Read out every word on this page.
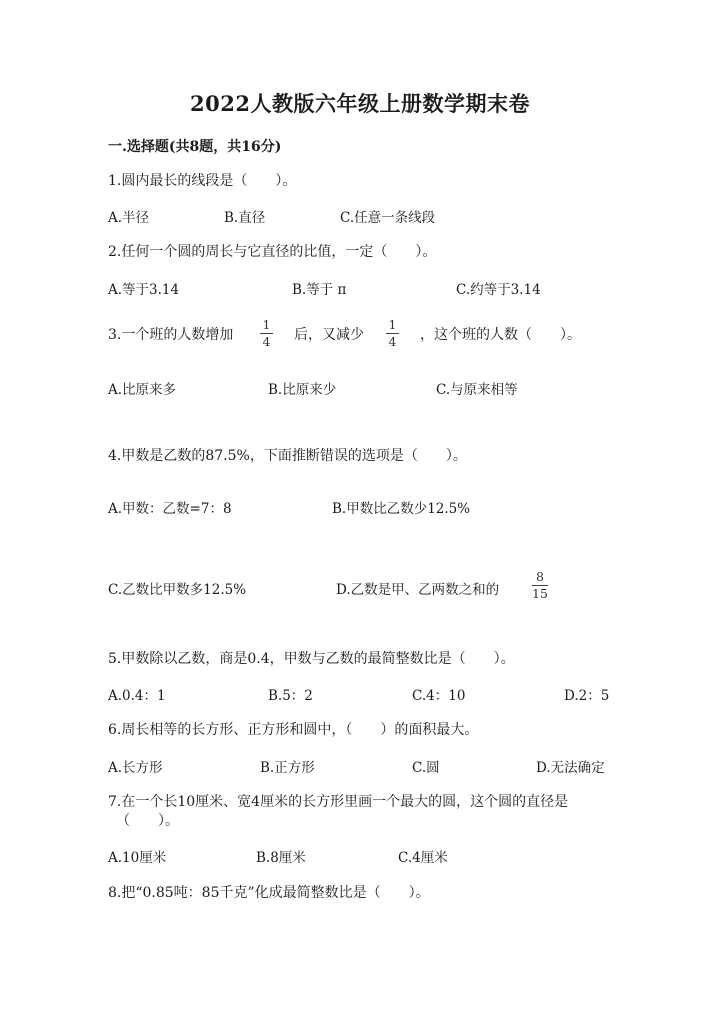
2022人教版六年级上册数学期末卷
一.选择题(共8题，共16分)
1.圆内最长的线段是（　　）。
A.半径	B.直径	C.任意一条线段
2.任何一个圆的周长与它直径的比值，一定（　　）。
A.等于3.14	B.等于 π	C.约等于3.14
3.一个班的人数增加
1
4 后，又减少
1
4 ，这个班的人数（　　）。
A.比原来多	B.比原来少	C.与原来相等
4.甲数是乙数的87.5%，下面推断错误的选项是（　　）。
A.甲数：乙数=7：8	B.甲数比乙数少12.5%
C.乙数比甲数多12.5%	D.乙数是甲、乙两数之和的
8
15
5.甲数除以乙数，商是0.4，甲数与乙数的最简整数比是（　　）。
A.0.4：1	B.5：2	C.4：10	D.2：5
6.周长相等的长方形、正方形和圆中，（　　）的面积最大。
A.长方形	B.正方形	C.圆	D.无法确定
7.在一个长10厘米、宽4厘米的长方形里画一个最大的圆，这个圆的直径是
（　　）。
A.10厘米	B.8厘米	C.4厘米
8.把“0.85吨：85千克”化成最简整数比是（　　）。
